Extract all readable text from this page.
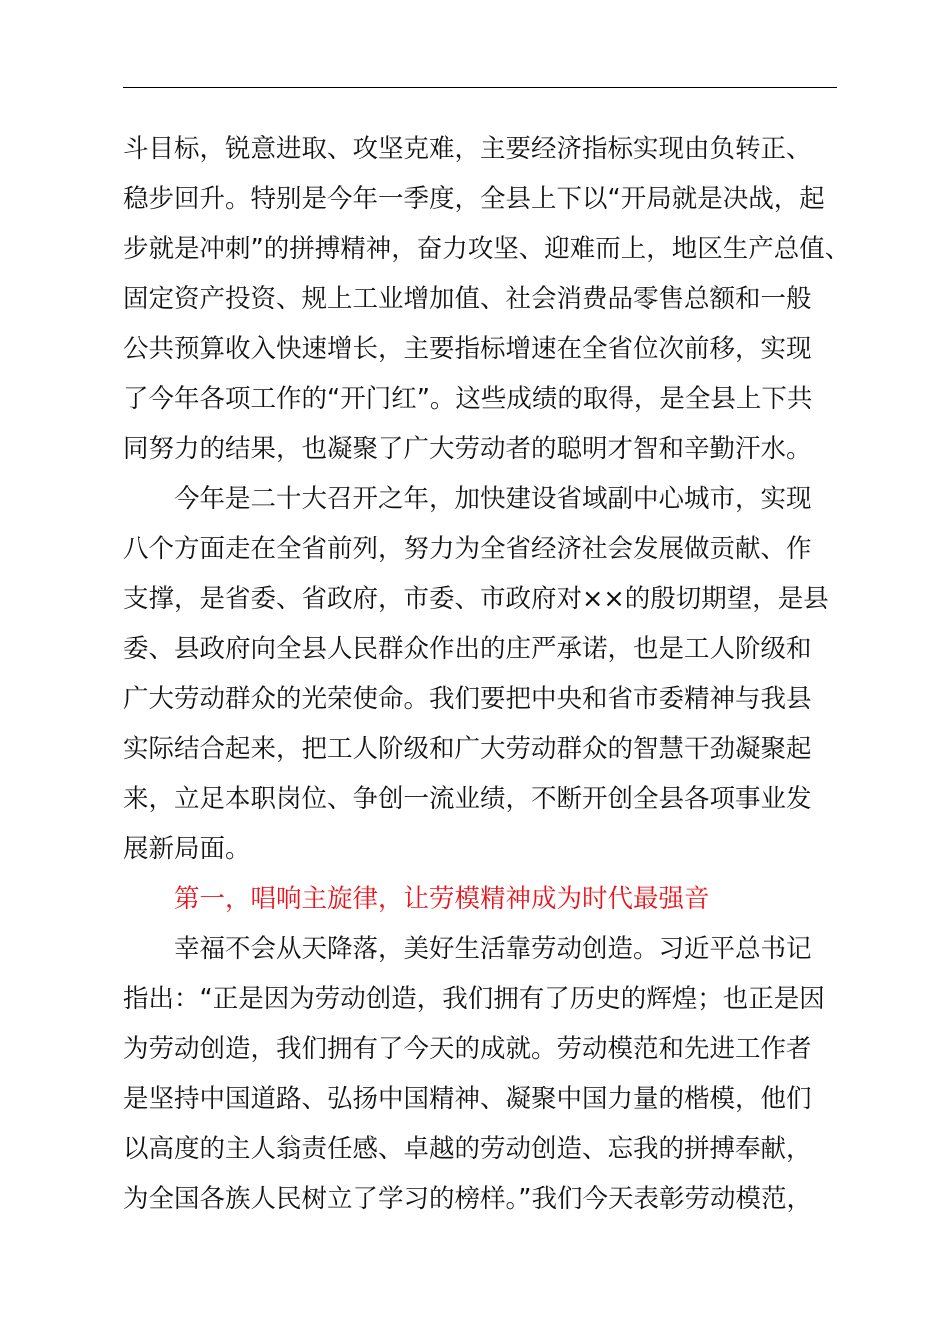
斗目标，锐意进取、攻坚克难，主要经济指标实现由负转正、
稳步回升。特别是今年一季度，全县上下以“开局就是决战，起
步就是冲刺”的拼搏精神，奋力攻坚、迎难而上，地区生产总值、
固定资产投资、规上工业增加值、社会消费品零售总额和一般
公共预算收入快速增长，主要指标增速在全省位次前移，实现
了今年各项工作的“开门红”。这些成绩的取得，是全县上下共
同努力的结果，也凝聚了广大劳动者的聪明才智和辛勤汗水。
今年是二十大召开之年，加快建设省域副中心城市，实现
八个方面走在全省前列，努力为全省经济社会发展做贡献、作
支撑，是省委、省政府，市委、市政府对××的殷切期望，是县
委、县政府向全县人民群众作出的庄严承诺，也是工人阶级和
广大劳动群众的光荣使命。我们要把中央和省市委精神与我县
实际结合起来，把工人阶级和广大劳动群众的智慧干劲凝聚起
来，立足本职岗位、争创一流业绩，不断开创全县各项事业发
展新局面。
第一，唱响主旋律，让劳模精神成为时代最强音
幸福不会从天降落，美好生活靠劳动创造。习近平总书记
指出：“正是因为劳动创造，我们拥有了历史的辉煌；也正是因
为劳动创造，我们拥有了今天的成就。劳动模范和先进工作者
是坚持中国道路、弘扬中国精神、凝聚中国力量的楷模，他们
以高度的主人翁责任感、卓越的劳动创造、忘我的拼搏奉献，
为全国各族人民树立了学习的榜样。”我们今天表彰劳动模范，
